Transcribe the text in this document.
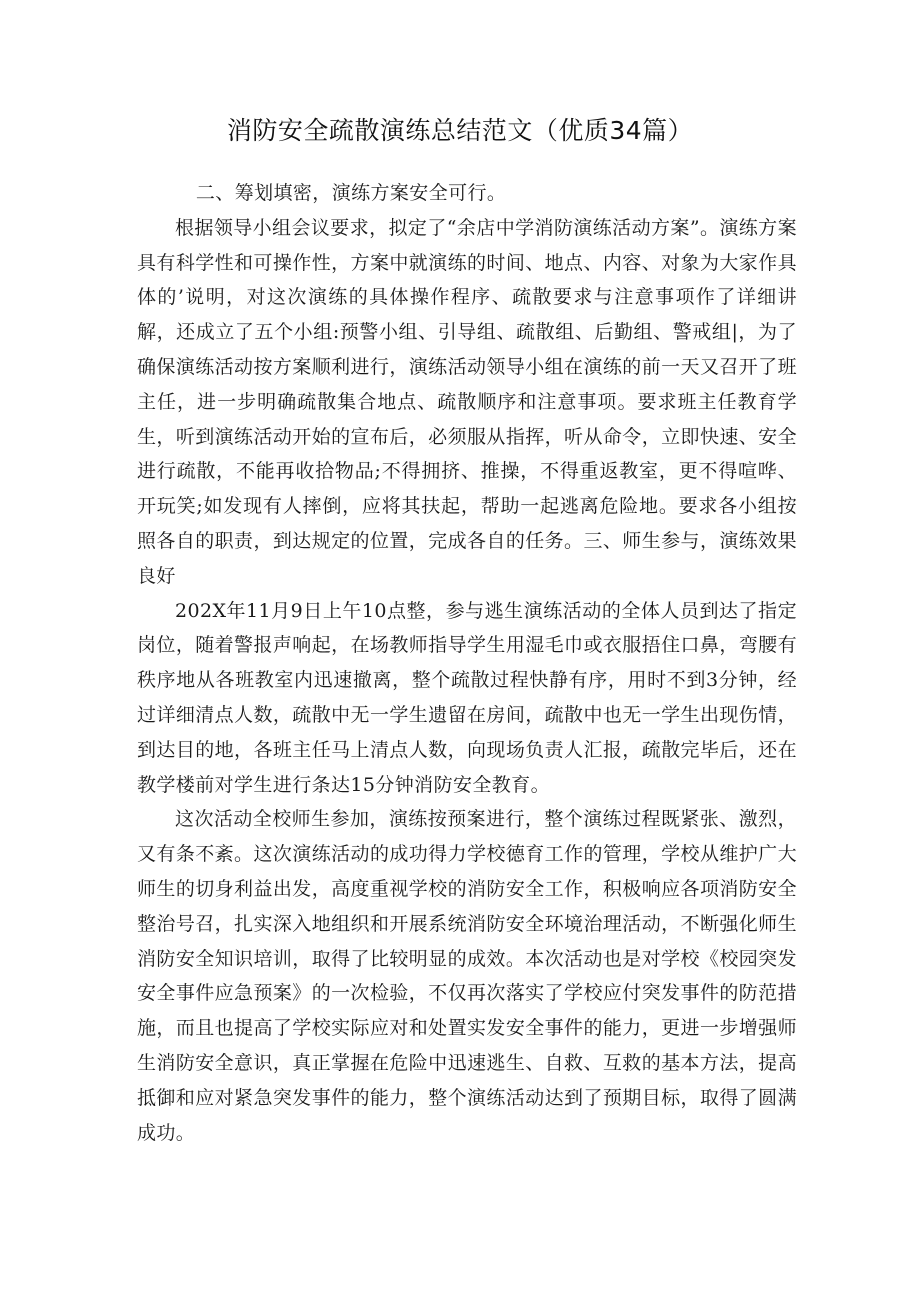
消防安全疏散演练总结范文（优质34篇）

二、筹划填密，演练方案安全可行。

根据领导小组会议要求，拟定了“余店中学消防演练活动方案”。演练方案具有科学性和可操作性，方案中就演练的时间、地点、内容、对象为大家作具体的’说明，对这次演练的具体操作程序、疏散要求与注意事项作了详细讲解，还成立了五个小组:预警小组、引导组、疏散组、后勤组、警戒组|，为了确保演练活动按方案顺利进行，演练活动领导小组在演练的前一天又召开了班主任，进一步明确疏散集合地点、疏散顺序和注意事项。要求班主任教育学生，听到演练活动开始的宣布后，必须服从指挥，听从命令，立即快速、安全进行疏散，不能再收拾物品;不得拥挤、推操，不得重返教室，更不得喧哗、开玩笑;如发现有人摔倒，应将其扶起，帮助一起逃离危险地。要求各小组按照各自的职责，到达规定的位置，完成各自的任务。三、师生参与，演练效果良好

202X年11月9日上午10点整，参与逃生演练活动的全体人员到达了指定岗位，随着警报声响起，在场教师指导学生用湿毛巾或衣服捂住口鼻，弯腰有秩序地从各班教室内迅速撤离，整个疏散过程快静有序，用时不到3分钟，经过详细清点人数，疏散中无一学生遗留在房间，疏散中也无一学生出现伤情，到达目的地，各班主任马上清点人数，向现场负责人汇报，疏散完毕后，还在教学楼前对学生进行条达15分钟消防安全教育。

这次活动全校师生参加，演练按预案进行，整个演练过程既紧张、激烈，又有条不紊。这次演练活动的成功得力学校德育工作的管理，学校从维护广大师生的切身利益出发，高度重视学校的消防安全工作，积极响应各项消防安全整治号召，扎实深入地组织和开展系统消防安全环境治理活动，不断强化师生消防安全知识培训，取得了比较明显的成效。本次活动也是对学校《校园突发安全事件应急预案》的一次检验，不仅再次落实了学校应付突发事件的防范措施，而且也提高了学校实际应对和处置实发安全事件的能力，更进一步增强师生消防安全意识，真正掌握在危险中迅速逃生、自救、互救的基本方法，提高抵御和应对紧急突发事件的能力，整个演练活动达到了预期目标，取得了圆满成功。
